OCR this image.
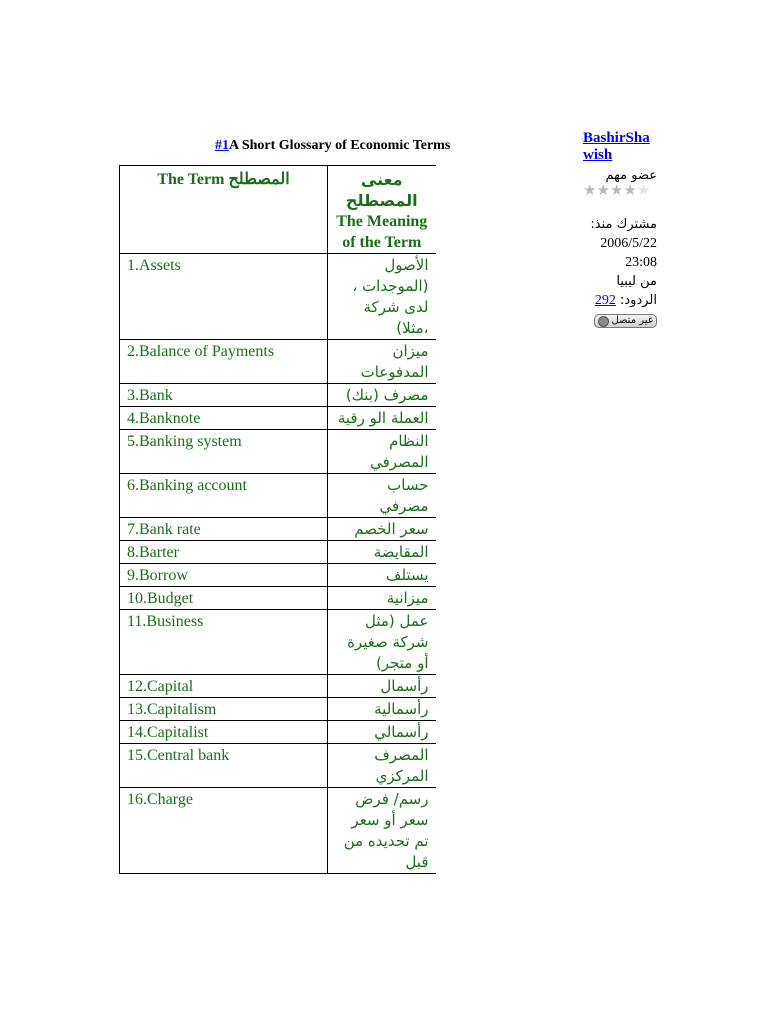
#1A Short Glossary of Economic Terms
The Term المصطلح	معنى المصطلح
The Meaning of the Term

1.Assets	الأصول (الموجدات ، لدى شركة ،مثلا)
2.Balance of Payments	ميزان المدفوعات
3.Bank	مصرف (بنك)
4.Banknote	العملة الو رقية
5.Banking system	النظام المصرفي
6.Banking account	حساب مصرفي
7.Bank rate	سعر الخصم
8.Barter	المقايضة
9.Borrow	يستلف
10.Budget	ميزانية
11.Business	عمل (مثل شركة صغيرة أو متجر)
12.Capital	رأسمال
13.Capitalism	رأسمالية
14.Capitalist	رأسمالي
15.Central bank	المصرف المركزي
16.Charge	رسم/ فرض سعر أو سعر تم تحديده من قبل
BashirShawish
عضو مهم
★ ★ ★ ★ ★
مشترك منذ:
2006/5/22
23:08
من ليبيا
الردود: 292
غير متصل
